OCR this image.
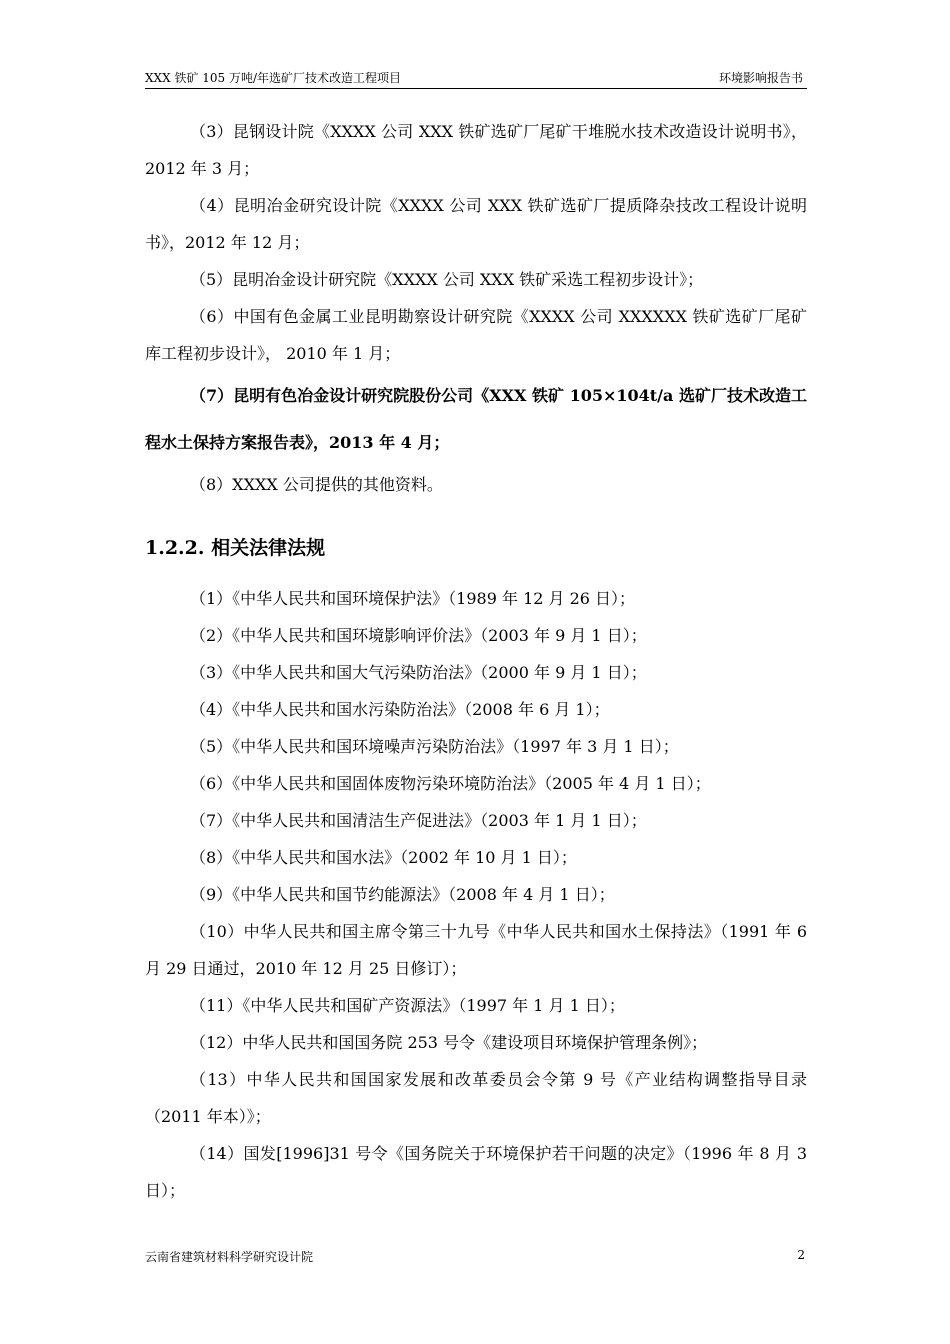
XXX 铁矿 105 万吨/年选矿厂技术改造工程项目	环境影响报告书

（3）昆钢设计院《XXXX 公司 XXX 铁矿选矿厂尾矿干堆脱水技术改造设计说明书》，2012 年 3 月；

（4）昆明冶金研究设计院《XXXX 公司 XXX 铁矿选矿厂提质降杂技改工程设计说明书》，2012 年 12 月；

（5）昆明冶金设计研究院《XXXX 公司 XXX 铁矿采选工程初步设计》；

（6）中国有色金属工业昆明勘察设计研究院《XXXX 公司 XXXXXX 铁矿选矿厂尾矿库工程初步设计》， 2010 年 1 月；

（7）昆明有色冶金设计研究院股份公司《XXX 铁矿 105×104t/a 选矿厂技术改造工程水土保持方案报告表》，2013 年 4 月；

（8）XXXX 公司提供的其他资料。

1.2.2. 相关法律法规

（1）《中华人民共和国环境保护法》（1989 年 12 月 26 日）；

（2）《中华人民共和国环境影响评价法》（2003 年 9 月 1 日）；

（3）《中华人民共和国大气污染防治法》（2000 年 9 月 1 日）；

（4）《中华人民共和国水污染防治法》（2008 年 6 月 1）；

（5）《中华人民共和国环境噪声污染防治法》（1997 年 3 月 1 日）；

（6）《中华人民共和国固体废物污染环境防治法》（2005 年 4 月 1 日）；

（7）《中华人民共和国清洁生产促进法》（2003 年 1 月 1 日）；

（8）《中华人民共和国水法》（2002 年 10 月 1 日）；

（9）《中华人民共和国节约能源法》（2008 年 4 月 1 日）；

（10）中华人民共和国主席令第三十九号《中华人民共和国水土保持法》（1991 年 6 月 29 日通过，2010 年 12 月 25 日修订）；

（11）《中华人民共和国矿产资源法》（1997 年 1 月 1 日）；

（12）中华人民共和国国务院 253 号令《建设项目环境保护管理条例》；

（13）中华人民共和国国家发展和改革委员会令第 9 号《产业结构调整指导目录（2011 年本）》；

（14）国发[1996]31 号令《国务院关于环境保护若干问题的决定》（1996 年 8 月 3 日）；

云南省建筑材料科学研究设计院	2
